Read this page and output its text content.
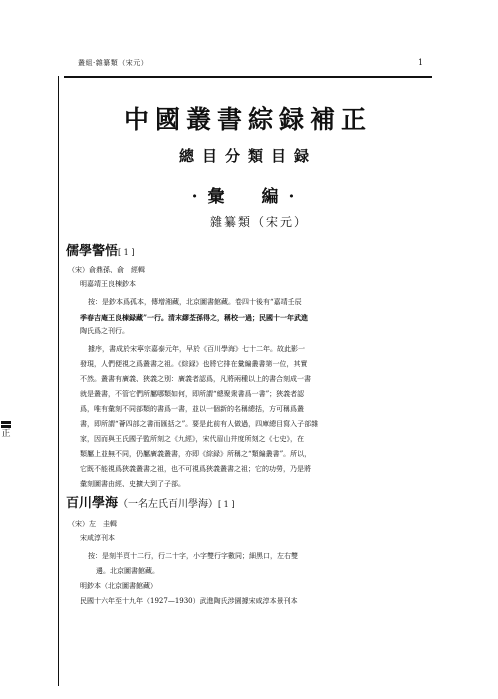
叢組·雜纂類（宋元）	1
正
中國叢書綜録補正
總目分類目録
·彙　編·
雜纂類（宋元）
儒學警悟[ 1 ]
（宋）俞鼎孫、俞　經輯
明嘉靖王良棟鈔本
按：是鈔本爲孤本，傳增湘藏，北京圖書館藏。卷四十後有“嘉靖壬辰
季春吉庵王良棟録藏”一行。清末繆荃孫得之，稱校一過；民國十一年武進
陶氏爲之刊行。
據序，書成於宋寧宗嘉泰元年，早於《百川學海》七十二年。故此影一
發現，人們便視之爲叢書之祖。《綜録》也將它排在彙編叢書第一位，其實
不然。叢書有廣義、狹義之別：廣義者認爲，凡將兩種以上的書合刻成一書
就是叢書，不管它們所屬哪類如何，即所謂“總聚衆書爲一書”；狹義者認
爲，唯有彙刻不同部類的書爲一書，並以一個新的名稱總括，方可稱爲叢
書，即所謂“薈四部之書而匯括之”。要是此前有人做過，四庫總目寫入子部雜
家，因而與王氏國子監所刻之《九經》，宋代眉山井度所刻之《七史》，在
類屬上並無不同，仍屬廣義叢書，亦即《綜録》所稱之“類編叢書”。所以，
它既不能視爲狹義叢書之祖，也不可視爲狹義叢書之祖；它的功勞，乃是將
彙刻圖書由經、史擴大到了子部。
百川學海（一名左氏百川學海）[ 1 ]
（宋）左　圭輯
宋咸淳刊本
按：是刻半頁十二行，行二十字，小字雙行字數同；細黑口，左右雙
邊。北京圖書館藏。
明鈔本（北京圖書館藏）
民國十六年至十九年（1927—1930）武進陶氏涉園據宋咸淳本景刊本
